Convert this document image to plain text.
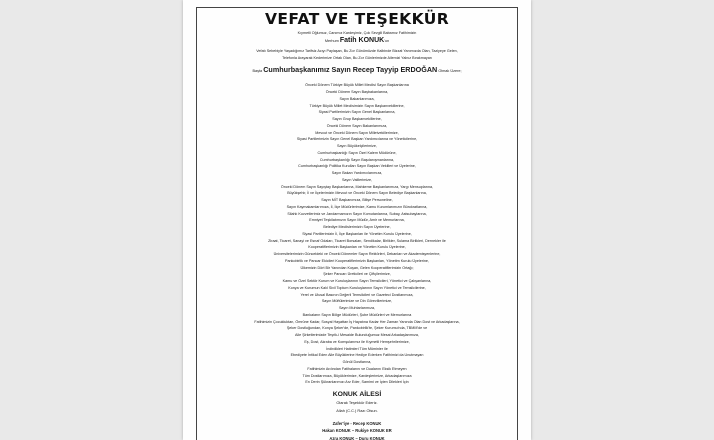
VEFAT VE TEŞEKKÜR
Kıymetli Oğlumuz, Canımız Kardeşimiz, Çok Sevgili Babamız Fatihimizin
Merhum Fatih KONUK'un
Vefatı Sebebiyle Yaşadığımız Tarifsiz Acıyı Paylaşan, Bu Zor Günümüzde Kalbinde Bizzat Yanımızda Olan, Taziyeye Gelen,
Telefonla Arayarak Kederimize Ortak Olan, Bu Zor Günlerimizde Ailemizi Yalnız Bırakmayan
Başta Cumhurbaşkanımız Sayın Recep Tayyip ERDOĞAN Olmak Üzere;
Önceki Dönem Türkiye Büyük Millet Meclisi Sayın Başkanlarına
Önceki Dönem Sayın Başbakanlarına,
Sayın Bakanlarımıza,
Türkiye Büyük Millet Meclisimizin Sayın Başkanvekillerine,
Siyasi Partilerimizin Sayın Genel Başkanlarına,
Sayın Grup Başkanvekillerine,
Önceki Dönem Sayın Bakanlarımıza,
Mevcut ve Önceki Dönem Sayın Milletvekillerimize,
Siyasi Partilerimizin Sayın Genel Başkan Yardımcılarına ve Yöneticilerine,
Sayın Büyükelçilerimize,
Cumhurbaşkanlığı Sayın Özel Kalem Müdürüne,
Cumhurbaşkanlığı Sayın Başdanışmanlarına,
Cumhurbaşkanlığı Politika Kurulları Sayın Başkan Vekilleri ve Üyelerine,
Sayın Bakan Yardımcılarımıza,
Sayın Valilerimize,
Önceki Dönem Sayın Sayıştay Başkanlarına, Mahkeme Başkanlarımıza, Yargı Mensuplarına,
Büyükşehir, İl ve İlçelerimizin Mevcut ve Önceki Dönem Sayın Belediye Başkanlarına,
Sayın MİT Başkanımıza, Bilişe Personeline,
Sayın Kaymakamlarımıza, İl, İlçe Müdürlerimize, Kamu Kurumlarımızın Bürokratlarına,
Silahlı Kuvvetlerimiz ve Jandarmamızın Sayın Komutanlarına, Subay, Astsubaylarına,
Emniyet Teşkilatımızın Sayın Müdür, Amir ve Memurlarına,
Belediye Meclislerimizin Sayın Üyelerine,
Siyasi Partilerimizin İl, İlçe Başkanları ile Yönetim Kurulu Üyelerine,
Ziraat, Ticaret, Sanayi ve Esnaf Odaları, Ticaret Borsaları, Sendikalar, Birlikler, Sulama Birlikleri, Dernekler ile
Kooperatiflerimizin Başkanları ve Yönetim Kurulu Üyelerine,
Üniversitelerimizin Günceldeki ve Önceki Dönemler Sayın Rektörleri, Dekanları ve Akademisyenlerine,
Pankobirlik ve Pancar Ekicileri Kooperatiflerimizin Başkanları, Yönetim Kurulu Üyelerine,
Ülkemizin Dört Bir Yanından Koşan, Gelen Kooperatiflerimizin Ortağı;
Şeker Pancarı Üreticileri ve Çiftçilerimize,
Kamu ve Özel Sektör Kurum ve Kuruluşlarının Sayın Temsilcileri, Yönetici ve Çalışanlarına,
Konya ve Kurumun Kalıl Sivil Toplum Kuruluşlarının Sayın Yönetici ve Temsilcilerine,
Yerel ve Ulusal Basının Değerli Temsilcileri ve Gazeteci Dostlarımıza,
Sayın Müftülerimize ve Din Görevlilerimize,
Sayın Muhtarlarımıza,
Bankaların Sayın Bölge Müdürleri, Şube Müdürleri ve Memurlarına
Fatihimizin Çocukluktan, Ömrüne Kadar, Sosyal Hayattan İş Hayatına Kadar Her Zaman Yanında Olan Dost ve Arkadaşlarına,
Şeker Dostluğundan, Konya Şeker'de, Pankobirlik'te, Şeker Kurumu'nda, TBMM'de ve
Aile Şirketlerimizde Teşrik-i Mesaide Bulunduğumuz Mesai Arkadaşlarımıza,
Eş, Dost, Akraba ve Komşularımız ile Kıymetli Hemşehrilerimize,
İndirdikleri Hatimleri Tüm Müminler ile
Ebediyete İntikal Eden Aile Büyüklerine Hediye Ederken Fatihimizi da Unutmayan
Gönül Dostlarına,
Fatihimizin Ardından Fatihalarını ve Dualarını Eksik Etmeyen
Tüm Dostlarımıza, Büyüklerimize, Kardeşlerimize, Arkadaşlarımıza
En Derin Şükranlarımızı Arz Eder, Samimi ve İçten Dilekleri İçin
KONUK AİLESİ
Olarak Teşekkür Ederiz.
Allah (C.C.) Razı Olsun.
Zafer'iye - Recep KONUK
Hakan KONUK – Rukiye KONUK ER
Azra KONUK – Duru KONUK
